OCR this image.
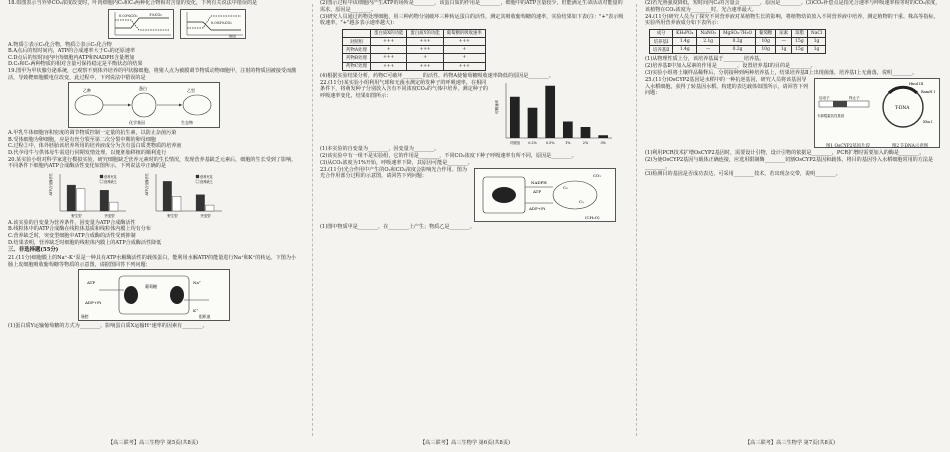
18.如图表示当外界CO₂浓度改变时，叶肉细胞内C₅和C₃两种化合物相对含量的变化，下列有关说法中错误的是

0.03%CO₂	1%CO₂
0.003%CO₂
时间

A.物质①表示C₃化合物，物质②表示C₅化合物

B.A点后的短时间内，ATP的合成速率大于C₅的还原速率

C.D点后的短时间内叶肉细胞内ATP和NADPH含量增加

D.C₃和C₅两种物质的相对含量可保持稳定是平衡状态的结果

19.图甲为甲状腺分泌系统，已观察不到体外培养的甲状腺细胞，将猪人点为被膜调节物质动物细胞甲，注射的物质因被接受而激活，导致靶细胞膜电位改变，此过程中，下列说法中错误的是

乙种	蛋白	乙型
化学基因	生态物

A.甲乳牛体细胞容积密度的调节物质控制一定量的抗生素，以防止杂菌污染

B.受体细胞为卵细胞，应是有丝分裂至第二次分裂中期的卵母细胞

C.过程②中，体外胚胎该培养所用的培养液成分为含有蛋白质类物质的培养液

D.代孕母牛与供体母牛需进行同期发情处理，以便胚胎移植的顺利进行

20.某实验小组对科学家进行模拟实验，研究细胞缺乏营养元素时的生长情况，发现营养基缺乏元素后，细胞的生长受到了影响，不同条件下细胞内ATP合成酶活性变化如图所示，下列说法中正确的是

ATP合成酶活性
野生型	突变型
营养充足
营养缺乏	ATP合成酶活性
野生型	突变型
营养充足
营养缺乏

A.该实验的自变量为营养条件，因变量为ATP合成酶活性

B.线粒体中的ATP合成酶在线粒体基质和线粒体内膜上均有分布

C.营养缺乏时，突变型细胞中ATP合成酶的活性受到抑制

D.结果表明，营养缺乏时细胞的线粒体内膜上的ATP合成酶活性降低

三、非选择题(55分)

21.(11分)细胞膜上的Na⁺-K⁺泵是一种具有ATP水解酶活性的载体蛋白，能利用水解ATP的能量进行Na⁺和K⁺的转运。下图为小肠上皮细胞吸收葡萄糖等物质的示意图，请据图回答下列问题：

ATP
ADP+Pi
葡萄糖
Na⁺
K⁺
肠腔	组织液

(1)蛋白质Y运输葡萄糖的方式为________，影响蛋白质X运输H⁺速率的因素有________。

【高三联考】高三生物学 第5页(共8页)

(2)图示过程中该细胞内产生ATP的场所是________，该蛋白质的作用是________，细胞中的ATP含量较少，但能满足生命活动对能量的需求，原因是________。

(3)研究人员通过药物处理细胞，用三种药物分别破坏三种转运蛋白的活性，测定其吸收葡萄糖的速率，实验结果如下表(注："+"表示吸收速率，"+"越多表示速率越大)：

	蛋白质X的功能	蛋白质Y的功能	葡萄糖的吸收速率
对照组	+++	+++	+++
药物A处理	+	+++	+
药物B处理	+++	+	+
药物C处理	+++	+++	+++

(4)根据实验结果分析，药物C可破坏________的活性，药物A使葡萄糖吸收速率降低的原因是________。

22.(11分)某实验小组利用气球和无菌水测定萌发种子的呼吸速率，在相同条件下，将萌发种子分别放入含有不同浓度CO₂的气体中培养，测定种子的呼吸速率变化，结果如图所示：

呼吸速率
对照组 0.2%	0.5%	1%	2%	3%

(1)本实验的自变量为________，因变量为________。

(2)该实验中有一组不是实验组，它的作用是________，不同CO₂浓度下种子呼吸速率有所不同，原因是________。

(3)从CO₂浓度为1%开始，呼吸速率下降，其原因可能是________。

23.(11分)光合作用中产生的O₂和CO₂浓度会影响光合作用。图为光合作用部分过程的示意图，请回答下列问题：

NADPH
ATP
ADP+Pi
C₃
C₅
CO₂
(CH₂O)

(1)图中物质甲是________，在________上产生；物质乙是________。

【高三联考】高三生物学 第6页(共8页)

(2)若光照强度降低，短时间内C₃的含量会________，原因是________。(3)CO₂补偿点是指光合速率与呼吸速率相等时的CO₂浓度，该植物在CO₂浓度为________时，光合速率最大。

24.(11分)研究人员为了探究不同营养液对某植物生长的影响，将植物幼苗放入不同营养液中培养，测定植物的干重、株高等指标，实验所用营养液成分如下表所示：

成分	KH₂PO₄	NaNO₃	MgSO₄·7H₂O	葡萄糖	尿素	琼脂	NaCl
培养基Ⅰ	1.4g	2.1g	0.2g	10g	—	15g	1g
培养基Ⅱ	1.4g	—	0.2g	10g	1g	15g	1g

(1)从物理性质上分，该培养基属于________培养基。

(2)培养基Ⅱ中加入尿素的作用是________，设置培养基Ⅰ的目的是________。

(3)实验小组将土壤样品稀释后，分别接种到两种培养基上，结果培养基Ⅱ上出现菌落，培养基Ⅰ上无菌落，说明________。

25.(11分)OsCYP2基因是水稻中的一种抗逆基因，研究人员将该基因导入水稻细胞，获得了转基因水稻。构建的表达载体如图所示，请回答下列问题：

T-DNA
Hind III
BamH I
Xba I
启动子	终止子
卡那霉素抗性基因
图1 OsCYP2基因片段	图2 T-DNA示意图

(1)利用PCR技术扩增OsCYP2基因时，需要设计引物，设计引物的依据是________，PCR扩增时需要加入的酶是________。

(2)为使OsCYP2基因与载体正确连接，应选用限制酶________切割OsCYP2基因和载体，将目的基因导入水稻细胞常用的方法是________。

(3)检测目的基因是否成功表达，可采用________技术，若出现杂交带，说明________。

【高三联考】高三生物学 第7页(共8页)
